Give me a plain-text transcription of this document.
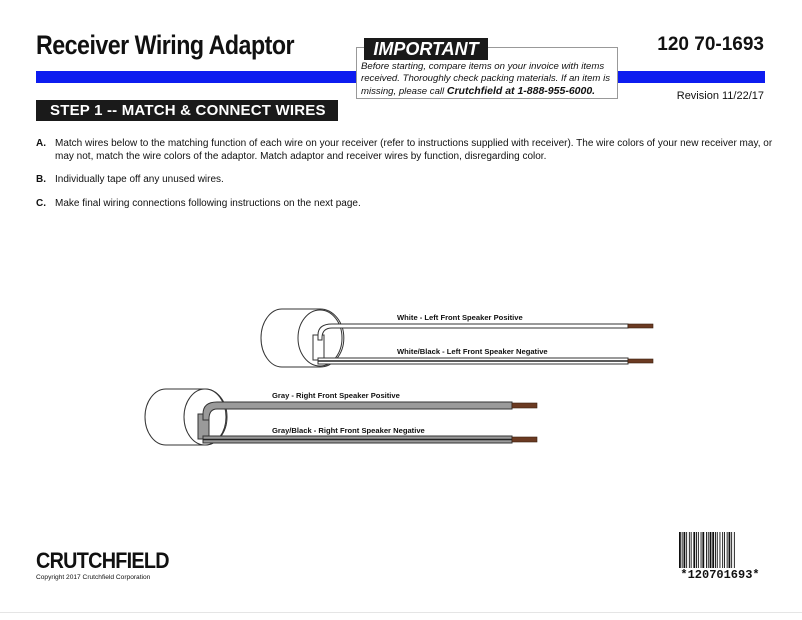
Receiver Wiring Adaptor	120 70-1693
IMPORTANT
Before starting, compare items on your invoice with items received. Thoroughly check packing materials. If an item is missing, please call Crutchfield at 1-888-955-6000.	Revision 11/22/17
STEP 1 -- MATCH & CONNECT WIRES
A. Match wires below to the matching function of each wire on your receiver (refer to instructions supplied with receiver). The wire colors of your new receiver may, or may not, match the wire colors of the adaptor. Match adaptor and receiver wires by function, disregarding color.
B. Individually tape off any unused wires.
C. Make final wiring connections following instructions on the next page.
White - Left Front Speaker Positive
White/Black - Left Front Speaker Negative
Gray - Right Front Speaker Positive
Gray/Black - Right Front Speaker Negative
CRUTCHFIELD
Copyright 2017 Crutchfield Corporation	*120701693*
